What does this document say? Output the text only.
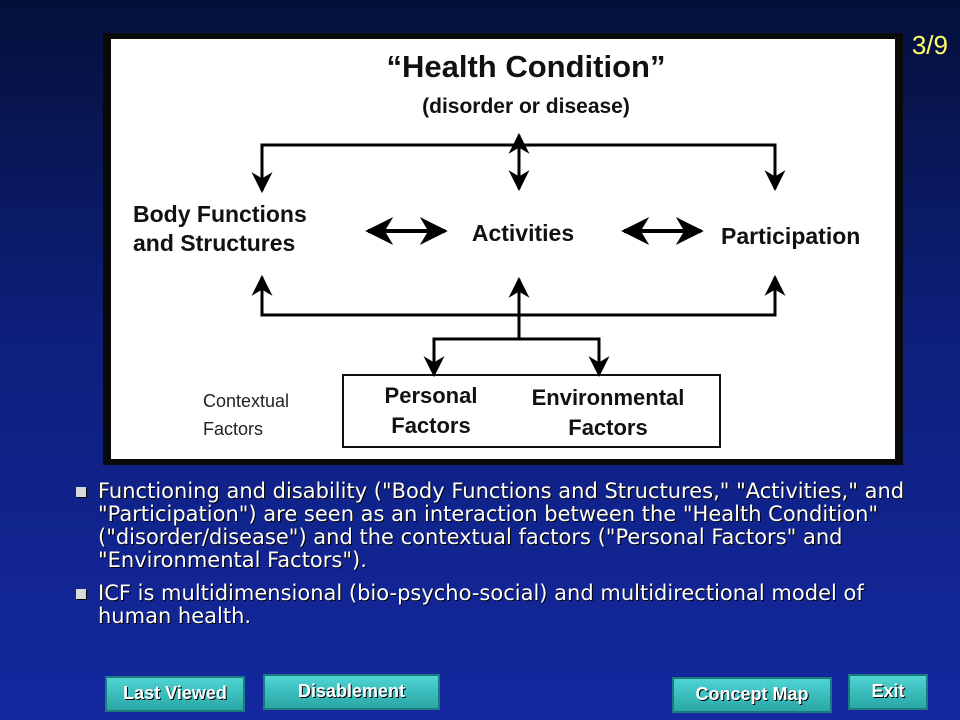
3/9
“Health Condition”
(disorder or disease)
Body Functions
and Structures	Activities	Participation
Contextual
Factors
Personal
Factors
Environmental
Factors
Functioning and disability ("Body Functions and Structures," "Activities," and "Participation") are seen as an interaction between the "Health Condition" ("disorder/disease") and the contextual factors ("Personal Factors" and "Environmental Factors").
ICF is multidimensional (bio-psycho-social) and multidirectional model of human health.
Last Viewed	Disablement	Concept Map	Exit
